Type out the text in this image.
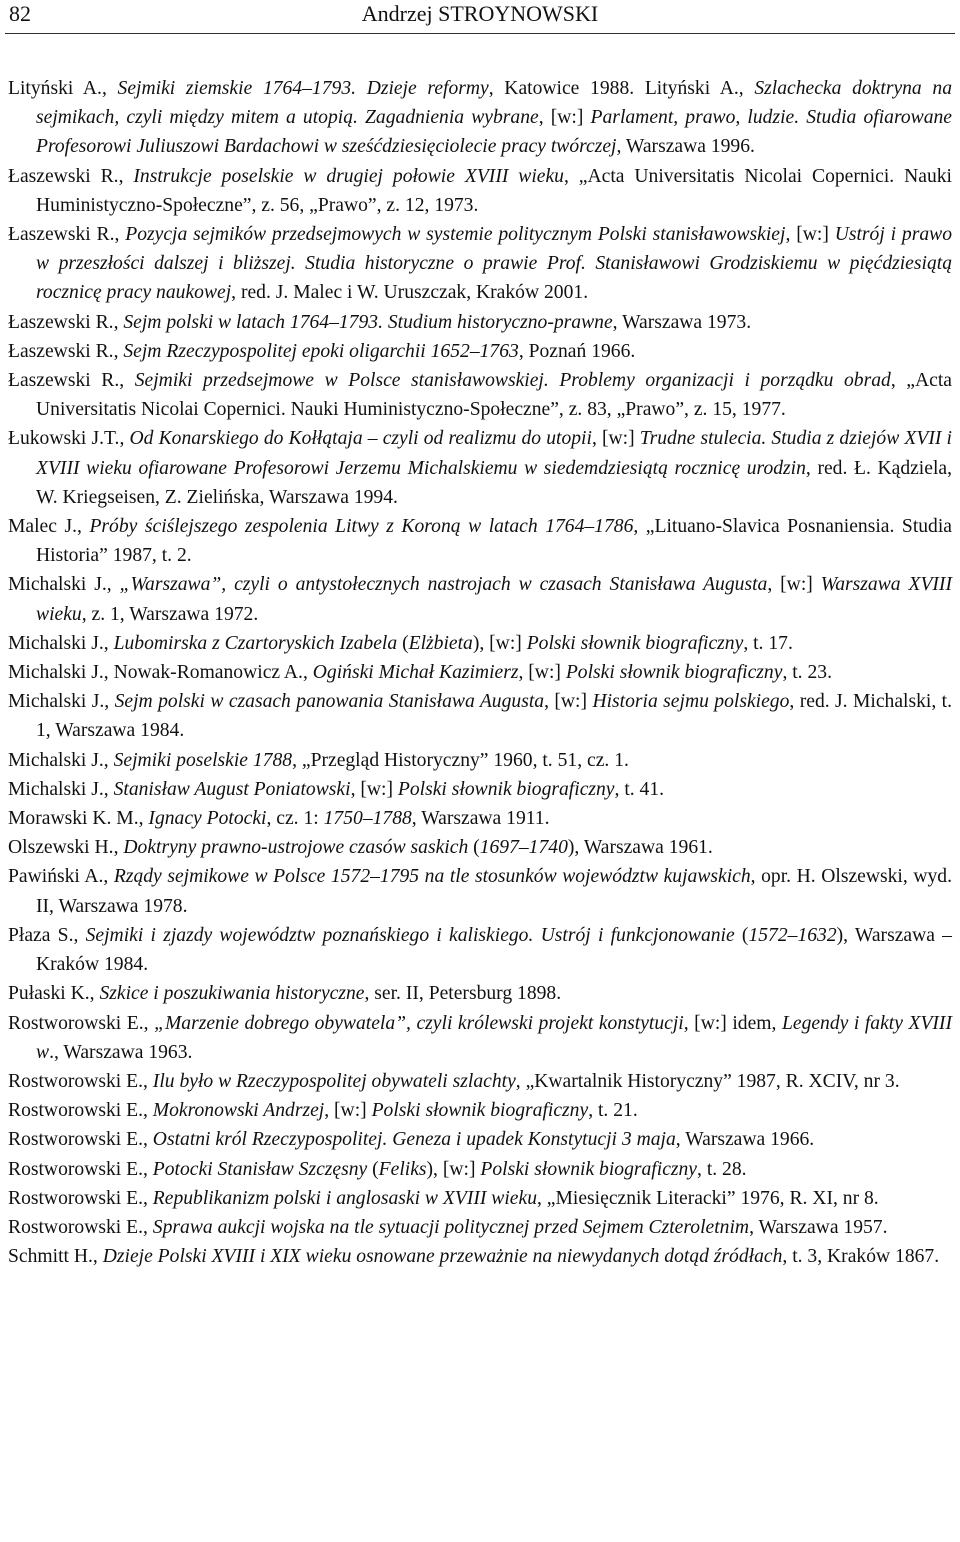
82	Andrzej STROYNOWSKI
Lityński A., Sejmiki ziemskie 1764–1793. Dzieje reformy, Katowice 1988. Lityński A., Szlachecka doktryna na sejmikach, czyli między mitem a utopią. Zagadnienia wybrane, [w:] Parlament, prawo, ludzie. Studia ofiarowane Profesorowi Juliuszowi Bardachowi w sześćdziesięciolecie pracy twórczej, Warszawa 1996.
Łaszewski R., Instrukcje poselskie w drugiej połowie XVIII wieku, „Acta Universitatis Nicolai Copernici. Nauki Huministyczno-Społeczne”, z. 56, „Prawo”, z. 12, 1973.
Łaszewski R., Pozycja sejmików przedsejmowych w systemie politycznym Polski stanisławowskiej, [w:] Ustrój i prawo w przeszłości dalszej i bliższej. Studia historyczne o prawie Prof. Stanisławowi Grodziskiemu w pięćdziesiątą rocznicę pracy naukowej, red. J. Malec i W. Uruszczak, Kraków 2001.
Łaszewski R., Sejm polski w latach 1764–1793. Studium historyczno-prawne, Warszawa 1973.
Łaszewski R., Sejm Rzeczypospolitej epoki oligarchii 1652–1763, Poznań 1966.
Łaszewski R., Sejmiki przedsejmowe w Polsce stanisławowskiej. Problemy organizacji i porządku obrad, „Acta Universitatis Nicolai Copernici. Nauki Huministyczno-Społeczne”, z. 83, „Prawo”, z. 15, 1977.
Łukowski J.T., Od Konarskiego do Kołłątaja – czyli od realizmu do utopii, [w:] Trudne stulecia. Studia z dziejów XVII i XVIII wieku ofiarowane Profesorowi Jerzemu Michalskiemu w siedemdziesiątą rocznicę urodzin, red. Ł. Kądziela, W. Kriegseisen, Z. Zielińska, Warszawa 1994.
Malec J., Próby ściślejszego zespolenia Litwy z Koroną w latach 1764–1786, „Lituano-Slavica Posnaniensia. Studia Historia” 1987, t. 2.
Michalski J., „Warszawa”, czyli o antystołecznych nastrojach w czasach Stanisława Augusta, [w:] Warszawa XVIII wieku, z. 1, Warszawa 1972.
Michalski J., Lubomirska z Czartoryskich Izabela (Elżbieta), [w:] Polski słownik biograficzny, t. 17.
Michalski J., Nowak-Romanowicz A., Ogiński Michał Kazimierz, [w:] Polski słownik biograficzny, t. 23.
Michalski J., Sejm polski w czasach panowania Stanisława Augusta, [w:] Historia sejmu polskiego, red. J. Michalski, t. 1, Warszawa 1984.
Michalski J., Sejmiki poselskie 1788, „Przegląd Historyczny” 1960, t. 51, cz. 1.
Michalski J., Stanisław August Poniatowski, [w:] Polski słownik biograficzny, t. 41.
Morawski K. M., Ignacy Potocki, cz. 1: 1750–1788, Warszawa 1911.
Olszewski H., Doktryny prawno-ustrojowe czasów saskich (1697–1740), Warszawa 1961.
Pawiński A., Rządy sejmikowe w Polsce 1572–1795 na tle stosunków województw kujawskich, opr. H. Olszewski, wyd. II, Warszawa 1978.
Płaza S., Sejmiki i zjazdy województw poznańskiego i kaliskiego. Ustrój i funkcjonowanie (1572–1632), Warszawa – Kraków 1984.
Pułaski K., Szkice i poszukiwania historyczne, ser. II, Petersburg 1898.
Rostworowski E., „Marzenie dobrego obywatela”, czyli królewski projekt konstytucji, [w:] idem, Legendy i fakty XVIII w., Warszawa 1963.
Rostworowski E., Ilu było w Rzeczypospolitej obywateli szlachty, „Kwartalnik Historyczny” 1987, R. XCIV, nr 3.
Rostworowski E., Mokronowski Andrzej, [w:] Polski słownik biograficzny, t. 21.
Rostworowski E., Ostatni król Rzeczypospolitej. Geneza i upadek Konstytucji 3 maja, Warszawa 1966.
Rostworowski E., Potocki Stanisław Szczęsny (Feliks), [w:] Polski słownik biograficzny, t. 28.
Rostworowski E., Republikanizm polski i anglosaski w XVIII wieku, „Miesięcznik Literacki” 1976, R. XI, nr 8.
Rostworowski E., Sprawa aukcji wojska na tle sytuacji politycznej przed Sejmem Czteroletnim, Warszawa 1957.
Schmitt H., Dzieje Polski XVIII i XIX wieku osnowane przeważnie na niewydanych dotąd źródłach, t. 3, Kraków 1867.
